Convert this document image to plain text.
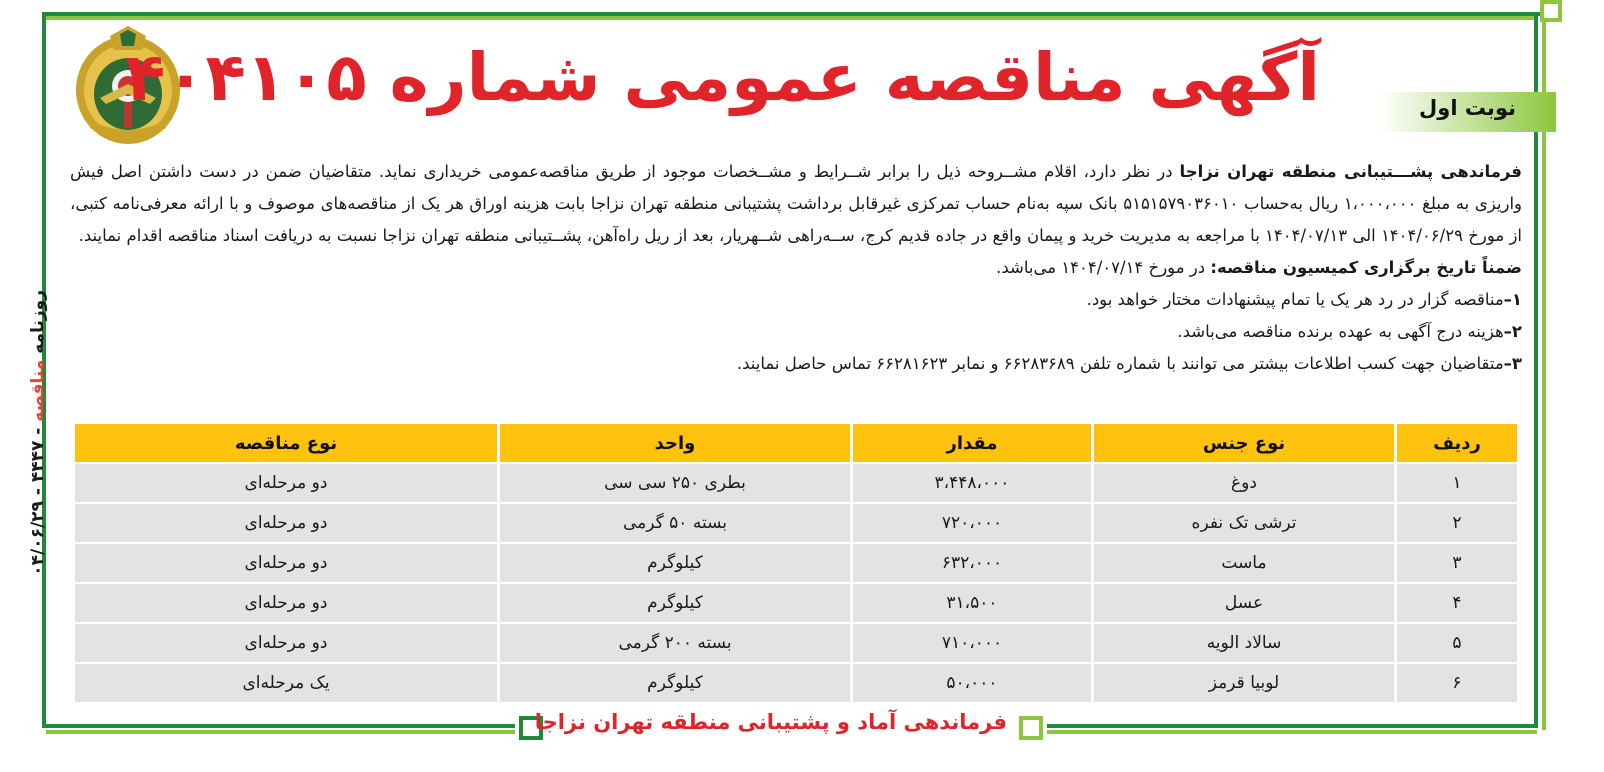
روزنامه مناقصه - ۴۴۴۷ - ۰۴/۰۶/۲۹
آگهی مناقصه عمومی شماره ۴۰۴۱۰۵	نوبت اول

فرماندهی پشـــتیبانی منطقه تهران نزاجا در نظر دارد، اقلام مشــروحه ذیل را برابر شــرایط و مشــخصات موجود از طریق مناقصه‌عمومی خریداری نماید. متقاضیان ضمن در دست داشتن اصل فیش واریزی به مبلغ ۱،۰۰۰،۰۰۰ ریال به‌حساب ۵۱۵۱۵۷۹۰۳۶۰۱۰ بانک سپه به‌نام حساب تمرکزی غیرقابل برداشت پشتیبانی منطقه تهران نزاجا بابت هزینه اوراق هر یک از مناقصه‌های موصوف و با ارائه معرفی‌نامه کتبی، از مورخ ۱۴۰۴/۰۶/۲۹ الی ۱۴۰۴/۰۷/۱۳ با مراجعه به مدیریت خرید و پیمان واقع در جاده قدیم کرج، ســه‌راهی شــهریار، بعد از ریل راه‌آهن، پشــتیبانی منطقه تهران نزاجا نسبت به دریافت اسناد مناقصه اقدام نمایند.

ضمناً تاریخ برگزاری کمیسیون مناقصه: در مورخ ۱۴۰۴/۰۷/۱۴ می‌باشد.

۱–مناقصه گزار در رد هر یک یا تمام پیشنهادات مختار خواهد بود.
۲–هزینه درج آگهی به عهده برنده مناقصه می‌باشد.
۳–متقاضیان جهت کسب اطلاعات بیشتر می توانند با شماره تلفن ۶۶۲۸۳۶۸۹ و نمابر ۶۶۲۸۱۶۲۳ تماس حاصل نمایند.
ردیف	نوع جنس	مقدار	واحد	نوع مناقصه
۱	دوغ	۳،۴۴۸،۰۰۰	بطری ۲۵۰ سی سی	دو مرحله‌ای
۲	ترشی تک نفره	۷۲۰،۰۰۰	بسته ۵۰ گرمی	دو مرحله‌ای
۳	ماست	۶۳۲،۰۰۰	کیلوگرم	دو مرحله‌ای
۴	عسل	۳۱،۵۰۰	کیلوگرم	دو مرحله‌ای
۵	سالاد الویه	۷۱۰،۰۰۰	بسته ۲۰۰ گرمی	دو مرحله‌ای
۶	لوبیا قرمز	۵۰،۰۰۰	کیلوگرم	یک مرحله‌ای
فرماندهی آماد و پشتیبانی منطقه تهران نزاجا
